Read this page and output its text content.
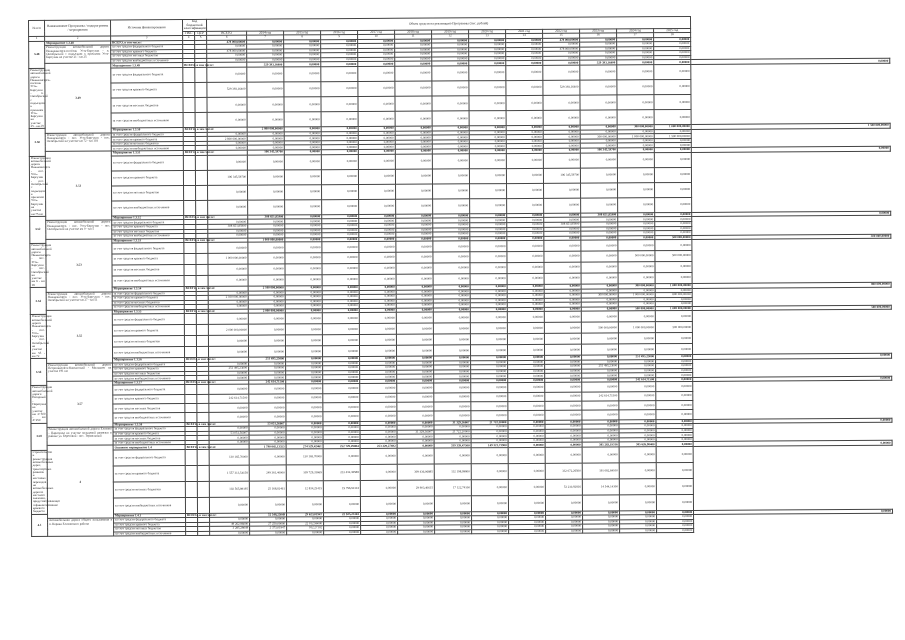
№ п/п	Наименование Программы / подпрограммы / мероприятия	Источник финансирования	Код бюджетной классификации		Объем средств на реализацию Программы (тыс. рублей)													
			ГРБС	ЦСР	ВСЕГО	2014 год	2015 год	2016 год	2017 год	2018 год	2019 год	2020 год	2021 год	2022 год	2023 год	2024 год	2025 год	
1	2	3	4	5	6	7	8	9	10	11	12	13	14	15	16	17	18	
3.48	Мероприятие 1.3.48	ВСЕГО, в том числе:			478 000,00000	0,00000	0,00000	0,00000	0,00000	0,00000	0,00000	0,00000	0,00000	478 000,00000	0,00000	0,00000	0,00000	
	Реконструкция автомобильной дороги Нижнеангарск-посёлок Усть-Баргузин - п. Октябрьский с подъездом к причалам Усть-Баргузин на участке 21 - км 25	за счет средств федерального бюджета			0,00000	0,00000	0,00000	0,00000	0,00000	0,00000	0,00000	0,00000	0,00000	0,00000	0,00000	0,00000	0,00000	
		за счет средств краевого бюджета			478 000,00000	0,00000	0,00000	0,00000	0,00000	0,00000	0,00000	0,00000	0,00000	478 000,00000	0,00000	0,00000	0,00000	
		за счет средств местных бюджетов			0,00000	0,00000	0,00000	0,00000	0,00000	0,00000	0,00000	0,00000	0,00000	0,00000	0,00000	0,00000	0,00000	
		за счет средств внебюджетных источников			0,00000	0,00000	0,00000	0,00000	0,00000	0,00000	0,00000	0,00000	0,00000	0,00000	0,00000	0,00000	0,00000	
	3.49	Мероприятие 1.3.49	ВСЕГО, в том числе:			529 393,16400	0,00000	0,00000	0,00000	0,00000	0,00000	0,00000	0,00000	0,00000	529 393,16400	0,00000	0,00000	0,00000
Реконструкция автомобильной дороги Нижнеангарск-посёлок Усть-Баргузин - п. Октябрьский с подъездом к причалам Усть-Баргузин на участке 25 - км 29		за счет средств федерального бюджета			0,00000	0,00000	0,00000	0,00000	0,00000	0,00000	0,00000	0,00000	0,00000	0,00000	0,00000	0,00000	0,00000	
		за счет средств краевого бюджета			529 393,16400	0,00000	0,00000	0,00000	0,00000	0,00000	0,00000	0,00000	0,00000	529 393,16400	0,00000	0,00000	0,00000	
		за счет средств местных бюджетов			0,00000	0,00000	0,00000	0,00000	0,00000	0,00000	0,00000	0,00000	0,00000	0,00000	0,00000	0,00000	0,00000	
		за счет средств внебюджетных источников			0,00000	0,00000	0,00000	0,00000	0,00000	0,00000	0,00000	0,00000	0,00000	0,00000	0,00000	0,00000	0,00000	
3.50		Мероприятие 1.3.50	ВСЕГО, в том числе:			2 800 000,00000	0,00000	0,00000	0,00000	0,00000	0,00000	0,00000	0,00000	0,00000	0,00000	300 000,00000	1 000 000,00000	1 500 000,00000
	Реконструкция автомобильной дороги Нижнеангарск - пос. Усть-Баргузин - пос. Октябрьский на участке км 72 - км 103	за счет средств федерального бюджета			0,00000	0,00000	0,00000	0,00000	0,00000	0,00000	0,00000	0,00000	0,00000	0,00000	0,00000	0,00000	0,00000	
		за счет средств краевого бюджета			2 800 000,00000	0,00000	0,00000	0,00000	0,00000	0,00000	0,00000	0,00000	0,00000	0,00000	300 000,00000	1 000 000,00000	1 500 000,00000	
		за счет средств местных бюджетов			0,00000	0,00000	0,00000	0,00000	0,00000	0,00000	0,00000	0,00000	0,00000	0,00000	0,00000	0,00000	0,00000	
		за счет средств внебюджетных источников			0,00000	0,00000	0,00000	0,00000	0,00000	0,00000	0,00000	0,00000	0,00000	0,00000	0,00000	0,00000	0,00000	
	3.51	Мероприятие 1.3.51	ВСЕГО, в том числе:			106 345,59700	0,00000	0,00000	0,00000	0,00000	0,00000	0,00000	0,00000	0,00000	106 345,59700	0,00000	0,00000	0,00000
Реконструкция автомобильной дороги Нижнеангарск - пос. Усть-Баргузин - пос. Октябрьский с подъездом к причалам Усть-Баргузин на участке км 75 км		за счет средств федерального бюджета			0,00000	0,00000	0,00000	0,00000	0,00000	0,00000	0,00000	0,00000	0,00000	0,00000	0,00000	0,00000	0,00000	
		за счет средств краевого бюджета			106 345,59700	0,00000	0,00000	0,00000	0,00000	0,00000	0,00000	0,00000	0,00000	106 345,59700	0,00000	0,00000	0,00000	
		за счет средств местных бюджетов			0,00000	0,00000	0,00000	0,00000	0,00000	0,00000	0,00000	0,00000	0,00000	0,00000	0,00000	0,00000	0,00000	
		за счет средств внебюджетных источников			0,00000	0,00000	0,00000	0,00000	0,00000	0,00000	0,00000	0,00000	0,00000	0,00000	0,00000	0,00000	0,00000	
3.52		Мероприятие 1.3.52	ВСЕГО, в том числе:			308 651,85900	0,00000	0,00000	0,00000	0,00000	0,00000	0,00000	0,00000	0,00000	308 651,85900	0,00000	0,00000	0,00000
	Реконструкция автомобильной дороги Нижнеангарск - пос. Усть-Баргузин - пос. Октябрьский на участке км 0 - км 5	за счет средств федерального бюджета			0,00000	0,00000	0,00000	0,00000	0,00000	0,00000	0,00000	0,00000	0,00000	0,00000	0,00000	0,00000	0,00000	
		за счет средств краевого бюджета			308 651,85900	0,00000	0,00000	0,00000	0,00000	0,00000	0,00000	0,00000	0,00000	308 651,85900	0,00000	0,00000	0,00000	
		за счет средств местных бюджетов			0,00000	0,00000	0,00000	0,00000	0,00000	0,00000	0,00000	0,00000	0,00000	0,00000	0,00000	0,00000	0,00000	
		за счет средств внебюджетных источников			0,00000	0,00000	0,00000	0,00000	0,00000	0,00000	0,00000	0,00000	0,00000	0,00000	0,00000	0,00000	0,00000	
	3.53	Мероприятие 1.3.53	ВСЕГО, в том числе:			1 000 000,00000	0,00000	0,00000	0,00000	0,00000	0,00000	0,00000	0,00000	0,00000	0,00000	0,00000	500 000,00000	500 000,00000
Реконструкция автомобильной дороги Нижнеангарск - пос. Усть-Баргузин - пос. Октябрьский на участке км 6 - км 18		за счет средств федерального бюджета			0,00000	0,00000	0,00000	0,00000	0,00000	0,00000	0,00000	0,00000	0,00000	0,00000	0,00000	0,00000	0,00000	
		за счет средств краевого бюджета			1 000 000,00000	0,00000	0,00000	0,00000	0,00000	0,00000	0,00000	0,00000	0,00000	0,00000	0,00000	500 000,00000	500 000,00000	
		за счет средств местных бюджетов			0,00000	0,00000	0,00000	0,00000	0,00000	0,00000	0,00000	0,00000	0,00000	0,00000	0,00000	0,00000	0,00000	
		за счет средств внебюджетных источников			0,00000	0,00000	0,00000	0,00000	0,00000	0,00000	0,00000	0,00000	0,00000	0,00000	0,00000	0,00000	0,00000	
3.54		Мероприятие 1.3.54	ВСЕГО, в том числе:			2 100 000,00000	0,00000	0,00000	0,00000	0,00000	0,00000	0,00000	0,00000	0,00000	0,00000	300 000,00000	1 000 000,00000	800 000,00000
	Реконструкция автомобильной дороги Нижнеангарск - пос. Усть-Баргузин - пос. Октябрьский на участке км 27 - км 51	за счет средств федерального бюджета			0,00000	0,00000	0,00000	0,00000	0,00000	0,00000	0,00000	0,00000	0,00000	0,00000	0,00000	0,00000	0,00000	
		за счет средств краевого бюджета			2 100 000,00000	0,00000	0,00000	0,00000	0,00000	0,00000	0,00000	0,00000	0,00000	0,00000	300 000,00000	1 000 000,00000	800 000,00000	
		за счет средств местных бюджетов			0,00000	0,00000	0,00000	0,00000	0,00000	0,00000	0,00000	0,00000	0,00000	0,00000	0,00000	0,00000	0,00000	
		за счет средств внебюджетных источников			0,00000	0,00000	0,00000	0,00000	0,00000	0,00000	0,00000	0,00000	0,00000	0,00000	0,00000	0,00000	0,00000	
	3.55	Мероприятие 1.3.55	ВСЕГО, в том числе:			2 000 000,00000	0,00000	0,00000	0,00000	0,00000	0,00000	0,00000	0,00000	0,00000	0,00000	500 000,00000	1 000 000,00000	500 000,00000
Реконструкция автомобильной дороги Нижнеангарск - пос. Усть-Баргузин - пос. Октябрьский на участке км 55 - км 72		за счет средств федерального бюджета			0,00000	0,00000	0,00000	0,00000	0,00000	0,00000	0,00000	0,00000	0,00000	0,00000	0,00000	0,00000	0,00000	
		за счет средств краевого бюджета			2 000 000,00000	0,00000	0,00000	0,00000	0,00000	0,00000	0,00000	0,00000	0,00000	0,00000	500 000,00000	1 000 000,00000	500 000,00000	
		за счет средств местных бюджетов			0,00000	0,00000	0,00000	0,00000	0,00000	0,00000	0,00000	0,00000	0,00000	0,00000	0,00000	0,00000	0,00000	
		за счет средств внебюджетных источников			0,00000	0,00000	0,00000	0,00000	0,00000	0,00000	0,00000	0,00000	0,00000	0,00000	0,00000	0,00000	0,00000	
3.56		Мероприятие 1.3.56	ВСЕГО, в том числе:			251 495,23000	0,00000	0,00000	0,00000	0,00000	0,00000	0,00000	0,00000	0,00000	0,00000	251 495,23000	0,00000	0,00000
	Реконструкция автомобильной дороги Петропавловск-Камчатский - Мильково на участке 191 км	за счет средств федерального бюджета			0,00000	0,00000	0,00000	0,00000	0,00000	0,00000	0,00000	0,00000	0,00000	0,00000	0,00000	0,00000	0,00000	
		за счет средств краевого бюджета			251 495,23000	0,00000	0,00000	0,00000	0,00000	0,00000	0,00000	0,00000	0,00000	0,00000	251 495,23000	0,00000	0,00000	
		за счет средств местных бюджетов			0,00000	0,00000	0,00000	0,00000	0,00000	0,00000	0,00000	0,00000	0,00000	0,00000	0,00000	0,00000	0,00000	
		за счет средств внебюджетных источников			0,00000	0,00000	0,00000	0,00000	0,00000	0,00000	0,00000	0,00000	0,00000	0,00000	0,00000	0,00000	0,00000	
	3.57	Мероприятие 1.3.57	ВСЕГО, в том числе:			242 614,71500	0,00000	0,00000	0,00000	0,00000	0,00000	0,00000	0,00000	0,00000	0,00000	242 614,71500	0,00000	0,00000
Реконструкция автомобильной дороги Нагорный - Паратунка на участке км 2+500 - км 4+250		за счет средств федерального бюджета			0,00000	0,00000	0,00000	0,00000	0,00000	0,00000	0,00000	0,00000	0,00000	0,00000	0,00000	0,00000	0,00000	
		за счет средств краевого бюджета			242 614,71500	0,00000	0,00000	0,00000	0,00000	0,00000	0,00000	0,00000	0,00000	0,00000	242 614,71500	0,00000	0,00000	
		за счет средств местных бюджетов			0,00000	0,00000	0,00000	0,00000	0,00000	0,00000	0,00000	0,00000	0,00000	0,00000	0,00000	0,00000	0,00000	
		за счет средств внебюджетных источников			0,00000	0,00000	0,00000	0,00000	0,00000	0,00000	0,00000	0,00000	0,00000	0,00000	0,00000	0,00000	0,00000	
3.58		Мероприятие 1.3.58	ВСЕГО, в том числе:			53 051,56007	0,00000	0,00000	0,00000	0,00000	31 329,36007	21 722,20000	0,00000	0,00000	0,00000	0,00000	0,00000	0,00000
	Реконструкция автомобильной дороги Елизово - Паратунка на участке кольцевой развязки в районе ул. Береговой - пос. Термальный	за счет средств федерального бюджета			0,00000	0,00000	0,00000	0,00000	0,00000	0,00000	0,00000	0,00000	0,00000	0,00000	0,00000	0,00000	0,00000	
		за счет средств краевого бюджета			53 051,56007	0,00000	0,00000	0,00000	0,00000	31 329,36007	21 722,20000	0,00000	0,00000	0,00000	0,00000	0,00000	0,00000	
		за счет средств местных бюджетов			0,00000	0,00000	0,00000	0,00000	0,00000	0,00000	0,00000	0,00000	0,00000	0,00000	0,00000	0,00000	0,00000	
		за счет средств внебюджетных источников			0,00000	0,00000	0,00000	0,00000	0,00000	0,00000	0,00000	0,00000	0,00000	0,00000	0,00000	0,00000	0,00000	
	4	Основное мероприятие 1.4	ВСЕГО, в том числе:			1 790 045,13353	274 529,42461	252 729,29084	253 229,27692	0,00000	339 339,47500	149 321,73900	0,00000	0,00000	385 283,19316	305 626,98400	0,00000	0,00000
Строительство и реконструкция автомобильных дорог, транспортных развязок и мостовых переходов на автомобильных дорогах местного значения, предусматривающее софинансирование краевого бюджета		за счет средств федерального бюджета			130 165,70000	0,00000	130 165,70000	0,00000	0,00000	0,00000	0,00000	0,00000	0,00000	0,00000	0,00000	0,00000	0,00000	
		за счет средств краевого бюджета			1 557 313,54158	249 361,40000	109 729,33669	233 432,36588	0,00000	309 436,06885	132 198,99800	0,00000	0,00000	332 072,26500	191 082,84100	0,00000	0,00000	
		за счет средств местных бюджетов			102 565,89195	25 168,02461	12 834,25415	19 796,91104	0,00000	29 903,40615	17 122,74100	0,00000	0,00000	53 210,92816	14 544,14300	0,00000	0,00000	
		за счет средств внебюджетных источников			0,00000	0,00000	0,00000	0,00000	0,00000	0,00000	0,00000	0,00000	0,00000	0,00000	0,00000	0,00000	0,00000	
4.1		Мероприятие 1.4.1	ВСЕГО, в том числе:			52 548,25049	29 623,01947	22 925,23102	0,00000	0,00000	0,00000	0,00000	0,00000	0,00000	0,00000	0,00000	0,00000	0,00000
	Автомобильная дорога общего пользования в п. Коряки Елизовского района	за счет средств федерального бюджета			0,00000	0,00000	0,00000	0,00000	0,00000	0,00000	0,00000	0,00000	0,00000	0,00000	0,00000	0,00000	0,00000	
		за счет средств краевого бюджета			49 262,96000	27 250,00000	22 012,96000	0,00000	0,00000	0,00000	0,00000	0,00000	0,00000	0,00000	0,00000	0,00000	0,00000	
		за счет средств местных бюджетов			3 285,29049	2 373,01947	912,27102	0,00000	0,00000	0,00000	0,00000	0,00000	0,00000	0,00000	0,00000	0,00000	0,00000	
		за счет средств внебюджетных источников			0,00000	0,00000	0,00000	0,00000	0,00000	0,00000	0,00000	0,00000	0,00000	0,00000	0,00000	0,00000	0,00000	
